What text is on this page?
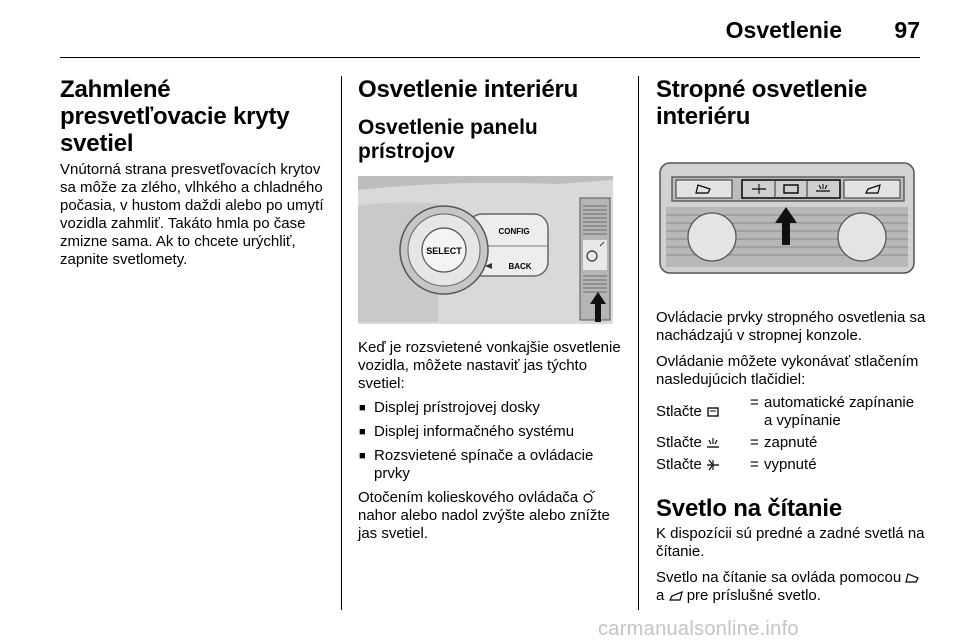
Osvetlenie 97
Zahmlené presvetľovacie kryty svetiel

Vnútorná strana presvetľovacích krytov sa môže za zlého, vlhkého a chladného počasia, v hustom daždi alebo po umytí vozidla zahmliť. Takáto hmla po čase zmizne sama. Ak to chcete urýchliť, zapnite svetlomety.

Osvetlenie interiéru
Osvetlenie panelu prístrojov
SELECT
CONFIG
BACK

Keď je rozsvietené vonkajšie osvetlenie vozidla, môžete nastaviť jas týchto svetiel:

■ Displej prístrojovej dosky
■ Displej informačného systému
■ Rozsvietené spínače a ovládacie prvky

Otočením kolieskového ovládača  nahor alebo nadol zvýšte alebo znížte jas svetiel.

Stropné osvetlenie interiéru

Ovládacie prvky stropného osvetlenia sa nachádzajú v stropnej konzole.

Ovládanie môžete vykonávať stlačením nasledujúcich tlačidiel:

Stlačte
= automatické zapínanie a vypínanie
Stlačte	= zapnuté
Stlačte	= vypnuté
Svetlo na čítanie

K dispozícii sú predné a zadné svetlá na čítanie.

Svetlo na čítanie sa ovláda pomocou  a pre príslušné svetlo.

carmanualsonline.info
